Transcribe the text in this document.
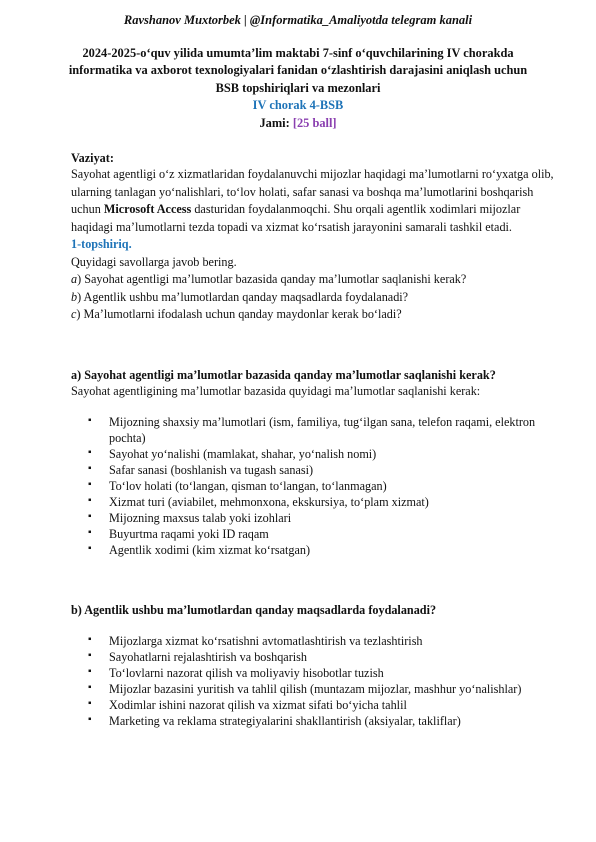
Ravshanov Muxtorbek | @Informatika_Amaliyotda telegram kanali
2024-2025-o‘quv yilida umumta’lim maktabi 7-sinf o‘quvchilarining IV chorakda
informatika va axborot texnologiyalari fanidan o‘zlashtirish darajasini aniqlash uchun
BSB topshiriqlari va mezonlari
IV chorak 4-BSB
Jami: [25 ball]
Vaziyat:

Sayohat agentligi o‘z xizmatlaridan foydalanuvchi mijozlar haqidagi ma’lumotlarni ro‘yxatga olib, ularning tanlagan yo‘nalishlari, to‘lov holati, safar sanasi va boshqa ma’lumotlarini boshqarish uchun Microsoft Access dasturidan foydalanmoqchi. Shu orqali agentlik xodimlari mijozlar haqidagi ma’lumotlarni tezda topadi va xizmat ko‘rsatish jarayonini samarali tashkil etadi.

1-topshiriq.
Quyidagi savollarga javob bering.
a) Sayohat agentligi ma’lumotlar bazasida qanday ma’lumotlar saqlanishi kerak?
b) Agentlik ushbu ma’lumotlardan qanday maqsadlarda foydalanadi?
c) Ma’lumotlarni ifodalash uchun qanday maydonlar kerak bo‘ladi?
a) Sayohat agentligi ma’lumotlar bazasida qanday ma’lumotlar saqlanishi kerak?

Sayohat agentligining ma’lumotlar bazasida quyidagi ma’lumotlar saqlanishi kerak:

▪ Mijozning shaxsiy ma’lumotlari (ism, familiya, tug‘ilgan sana, telefon raqami, elektron pochta)
▪ Sayohat yo‘nalishi (mamlakat, shahar, yo‘nalish nomi)
▪ Safar sanasi (boshlanish va tugash sanasi)
▪ To‘lov holati (to‘langan, qisman to‘langan, to‘lanmagan)
▪ Xizmat turi (aviabilet, mehmonxona, ekskursiya, to‘plam xizmat)
▪ Mijozning maxsus talab yoki izohlari
▪ Buyurtma raqami yoki ID raqam
▪ Agentlik xodimi (kim xizmat ko‘rsatgan)
b) Agentlik ushbu ma’lumotlardan qanday maqsadlarda foydalanadi?
▪ Mijozlarga xizmat ko‘rsatishni avtomatlashtirish va tezlashtirish
▪ Sayohatlarni rejalashtirish va boshqarish
▪ To‘lovlarni nazorat qilish va moliyaviy hisobotlar tuzish
▪ Mijozlar bazasini yuritish va tahlil qilish (muntazam mijozlar, mashhur yo‘nalishlar)
▪ Xodimlar ishini nazorat qilish va xizmat sifati bo‘yicha tahlil
▪ Marketing va reklama strategiyalarini shakllantirish (aksiyalar, takliflar)
